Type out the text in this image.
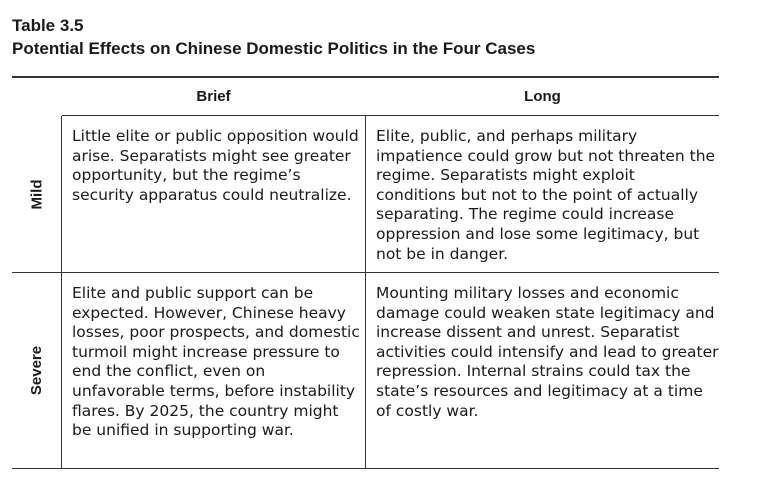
Table 3.5
Potential Effects on Chinese Domestic Politics in the Four Cases
Brief	Long
Mild
Little elite or public opposition would arise. Separatists might see greater opportunity, but the regime’s security apparatus could neutralize.
Elite, public, and perhaps military impatience could grow but not threaten the regime. Separatists might exploit conditions but not to the point of actually separating. The regime could increase oppression and lose some legitimacy, but not be in danger.
Severe
Elite and public support can be expected. However, Chinese heavy losses, poor prospects, and domestic turmoil might increase pressure to end the conflict, even on unfavorable terms, before instability flares. By 2025, the country might be unified in supporting war.
Mounting military losses and economic damage could weaken state legitimacy and increase dissent and unrest. Separatist activities could intensify and lead to greater repression. Internal strains could tax the state’s resources and legitimacy at a time of costly war.
